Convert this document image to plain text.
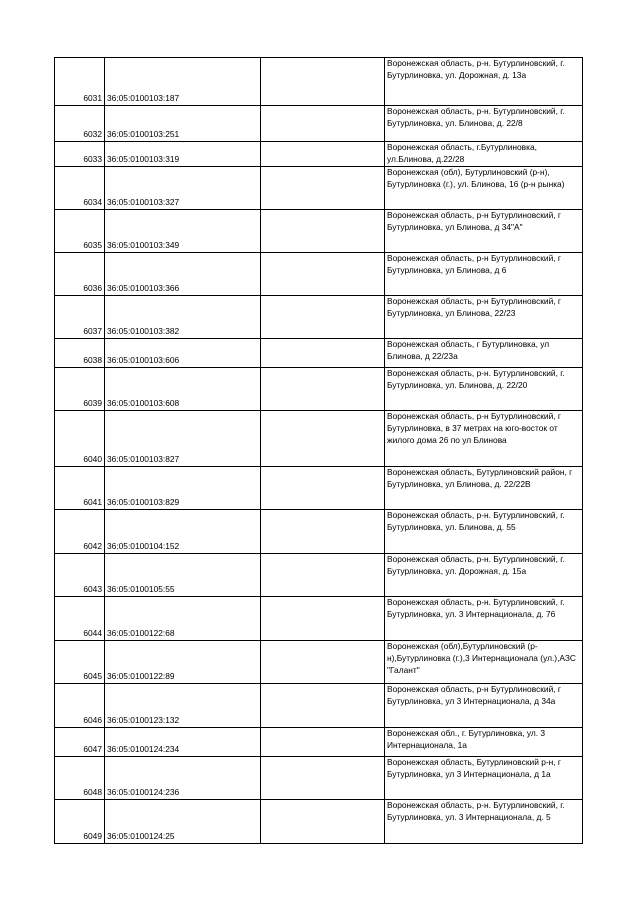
6031	36:05:0100103:187		Воронежская область, р-н. Бутурлиновский, г. Бутурлиновка, ул. Дорожная, д. 13а
6032	36:05:0100103:251		Воронежская область, р-н. Бутурлиновский, г. Бутурлиновка, ул. Блинова, д. 22/8
6033	36:05:0100103:319		Воронежская область, г.Бутурлиновка, ул.Блинова, д.22/28
6034	36:05:0100103:327		Воронежская (обл), Бутурлиновский (р-н), Бутурлиновка (г.), ул. Блинова, 16 (р-н рынка)
6035	36:05:0100103:349		Воронежская область, р-н Бутурлиновский, г Бутурлиновка, ул Блинова, д 34"А"
6036	36:05:0100103:366		Воронежская область, р-н Бутурлиновский, г Бутурлиновка, ул Блинова, д 6
6037	36:05:0100103:382		Воронежская область, р-н Бутурлиновский, г Бутурлиновка, ул Блинова, 22/23
6038	36:05:0100103:606		Воронежская область, г Бутурлиновка, ул Блинова, д 22/23а
6039	36:05:0100103:608		Воронежская область, р-н. Бутурлиновский, г. Бутурлиновка, ул. Блинова, д. 22/20
6040	36:05:0100103:827		Воронежская область, р-н Бутурлиновский, г Бутурлиновка, в 37 метрах на юго-восток от жилого дома 26 по ул Блинова
6041	36:05:0100103:829		Воронежская область, Бутурлиновский район, г Бутурлиновка, ул Блинова, д. 22/22В
6042	36:05:0100104:152		Воронежская область, р-н. Бутурлиновский, г. Бутурлиновка, ул. Блинова, д. 55
6043	36:05:0100105:55		Воронежская область, р-н. Бутурлиновский, г. Бутурлиновка, ул. Дорожная, д. 15а
6044	36:05:0100122:68		Воронежская область, р-н. Бутурлиновский, г. Бутурлиновка, ул. 3 Интернационала, д. 76
6045	36:05:0100122:89		Воронежская (обл),Бутурлиновский (р-н),Бутурлиновка (г.),3 Интернационала (ул.),АЗС "Галант"
6046	36:05:0100123:132		Воронежская область, р-н Бутурлиновский, г Бутурлиновка, ул 3 Интернационала, д 34а
6047	36:05:0100124:234		Воронежская обл., г. Бутурлиновка, ул. 3 Интернационала, 1а
6048	36:05:0100124:236		Воронежская область, Бутурлиновский р-н, г Бутурлиновка, ул 3 Интернационала, д 1а
6049	36:05:0100124:25		Воронежская область, р-н. Бутурлиновский, г. Бутурлиновка, ул. 3 Интернационала, д. 5
